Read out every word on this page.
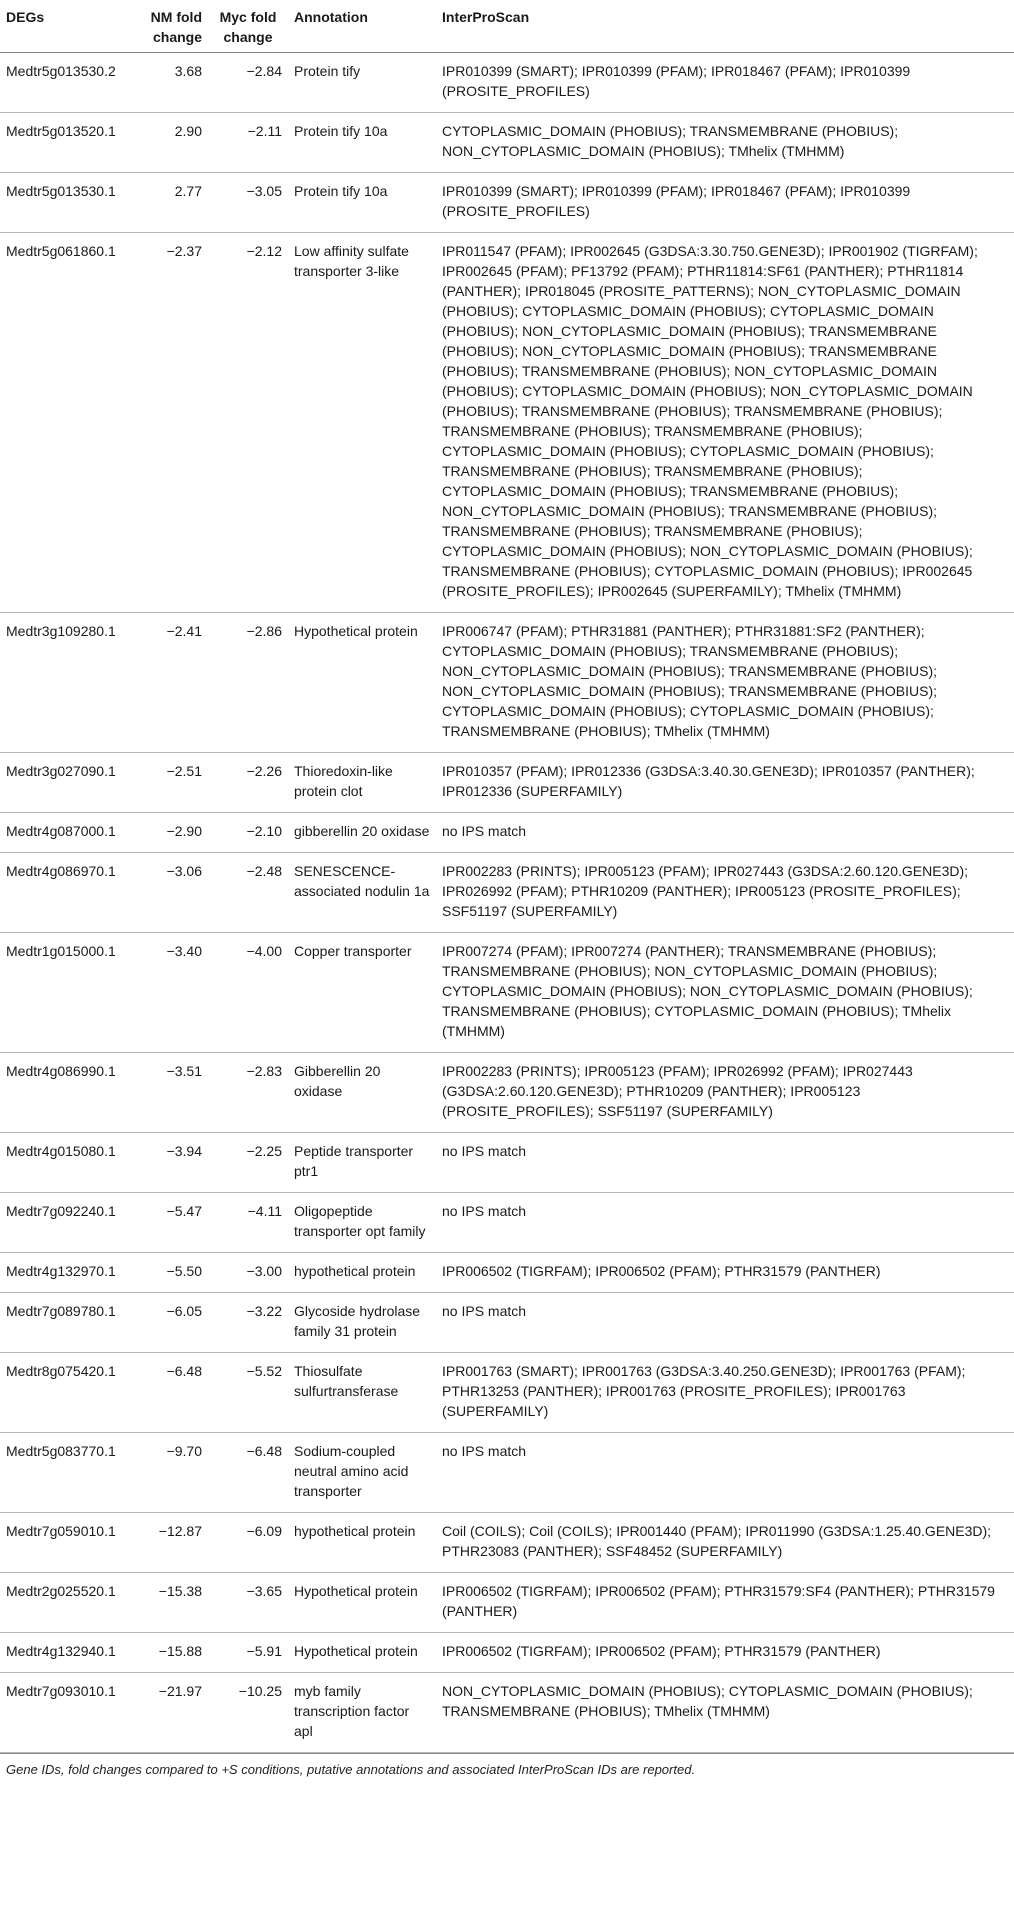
DEGs	NM fold change	Myc fold change	Annotation	InterProScan
Medtr5g013530.2	3.68	−2.84	Protein tify	IPR010399 (SMART); IPR010399 (PFAM); IPR018467 (PFAM); IPR010399 (PROSITE_PROFILES)
Medtr5g013520.1	2.90	−2.11	Protein tify 10a	CYTOPLASMIC_DOMAIN (PHOBIUS); TRANSMEMBRANE (PHOBIUS); NON_CYTOPLASMIC_DOMAIN (PHOBIUS); TMhelix (TMHMM)
Medtr5g013530.1	2.77	−3.05	Protein tify 10a	IPR010399 (SMART); IPR010399 (PFAM); IPR018467 (PFAM); IPR010399 (PROSITE_PROFILES)
Medtr5g061860.1	−2.37	−2.12	Low affinity sulfate transporter 3-like	IPR011547 (PFAM); IPR002645 (G3DSA:3.30.750.GENE3D); IPR001902 (TIGRFAM); IPR002645 (PFAM); PF13792 (PFAM); PTHR11814:SF61 (PANTHER); PTHR11814 (PANTHER); IPR018045 (PROSITE_PATTERNS); NON_CYTOPLASMIC_DOMAIN (PHOBIUS); CYTOPLASMIC_DOMAIN (PHOBIUS); CYTOPLASMIC_DOMAIN (PHOBIUS); NON_CYTOPLASMIC_DOMAIN (PHOBIUS); TRANSMEMBRANE (PHOBIUS); NON_CYTOPLASMIC_DOMAIN (PHOBIUS); TRANSMEMBRANE (PHOBIUS); TRANSMEMBRANE (PHOBIUS); NON_CYTOPLASMIC_DOMAIN (PHOBIUS); CYTOPLASMIC_DOMAIN (PHOBIUS); NON_CYTOPLASMIC_DOMAIN (PHOBIUS); TRANSMEMBRANE (PHOBIUS); TRANSMEMBRANE (PHOBIUS); TRANSMEMBRANE (PHOBIUS); TRANSMEMBRANE (PHOBIUS); CYTOPLASMIC_DOMAIN (PHOBIUS); CYTOPLASMIC_DOMAIN (PHOBIUS); TRANSMEMBRANE (PHOBIUS); TRANSMEMBRANE (PHOBIUS); CYTOPLASMIC_DOMAIN (PHOBIUS); TRANSMEMBRANE (PHOBIUS); NON_CYTOPLASMIC_DOMAIN (PHOBIUS); TRANSMEMBRANE (PHOBIUS); TRANSMEMBRANE (PHOBIUS); TRANSMEMBRANE (PHOBIUS); CYTOPLASMIC_DOMAIN (PHOBIUS); NON_CYTOPLASMIC_DOMAIN (PHOBIUS); TRANSMEMBRANE (PHOBIUS); CYTOPLASMIC_DOMAIN (PHOBIUS); IPR002645 (PROSITE_PROFILES); IPR002645 (SUPERFAMILY); TMhelix (TMHMM)
Medtr3g109280.1	−2.41	−2.86	Hypothetical protein	IPR006747 (PFAM); PTHR31881 (PANTHER); PTHR31881:SF2 (PANTHER); CYTOPLASMIC_DOMAIN (PHOBIUS); TRANSMEMBRANE (PHOBIUS); NON_CYTOPLASMIC_DOMAIN (PHOBIUS); TRANSMEMBRANE (PHOBIUS); NON_CYTOPLASMIC_DOMAIN (PHOBIUS); TRANSMEMBRANE (PHOBIUS); CYTOPLASMIC_DOMAIN (PHOBIUS); CYTOPLASMIC_DOMAIN (PHOBIUS); TRANSMEMBRANE (PHOBIUS); TMhelix (TMHMM)
Medtr3g027090.1	−2.51	−2.26	Thioredoxin-like protein clot	IPR010357 (PFAM); IPR012336 (G3DSA:3.40.30.GENE3D); IPR010357 (PANTHER); IPR012336 (SUPERFAMILY)
Medtr4g087000.1	−2.90	−2.10	gibberellin 20 oxidase	no IPS match
Medtr4g086970.1	−3.06	−2.48	SENESCENCE-associated nodulin 1a	IPR002283 (PRINTS); IPR005123 (PFAM); IPR027443 (G3DSA:2.60.120.GENE3D); IPR026992 (PFAM); PTHR10209 (PANTHER); IPR005123 (PROSITE_PROFILES); SSF51197 (SUPERFAMILY)
Medtr1g015000.1	−3.40	−4.00	Copper transporter	IPR007274 (PFAM); IPR007274 (PANTHER); TRANSMEMBRANE (PHOBIUS); TRANSMEMBRANE (PHOBIUS); NON_CYTOPLASMIC_DOMAIN (PHOBIUS); CYTOPLASMIC_DOMAIN (PHOBIUS); NON_CYTOPLASMIC_DOMAIN (PHOBIUS); TRANSMEMBRANE (PHOBIUS); CYTOPLASMIC_DOMAIN (PHOBIUS); TMhelix (TMHMM)
Medtr4g086990.1	−3.51	−2.83	Gibberellin 20 oxidase	IPR002283 (PRINTS); IPR005123 (PFAM); IPR026992 (PFAM); IPR027443 (G3DSA:2.60.120.GENE3D); PTHR10209 (PANTHER); IPR005123 (PROSITE_PROFILES); SSF51197 (SUPERFAMILY)
Medtr4g015080.1	−3.94	−2.25	Peptide transporter ptr1	no IPS match
Medtr7g092240.1	−5.47	−4.11	Oligopeptide transporter opt family	no IPS match
Medtr4g132970.1	−5.50	−3.00	hypothetical protein	IPR006502 (TIGRFAM); IPR006502 (PFAM); PTHR31579 (PANTHER)
Medtr7g089780.1	−6.05	−3.22	Glycoside hydrolase family 31 protein	no IPS match
Medtr8g075420.1	−6.48	−5.52	Thiosulfate sulfurtransferase	IPR001763 (SMART); IPR001763 (G3DSA:3.40.250.GENE3D); IPR001763 (PFAM); PTHR13253 (PANTHER); IPR001763 (PROSITE_PROFILES); IPR001763 (SUPERFAMILY)
Medtr5g083770.1	−9.70	−6.48	Sodium-coupled neutral amino acid transporter	no IPS match
Medtr7g059010.1	−12.87	−6.09	hypothetical protein	Coil (COILS); Coil (COILS); IPR001440 (PFAM); IPR011990 (G3DSA:1.25.40.GENE3D); PTHR23083 (PANTHER); SSF48452 (SUPERFAMILY)
Medtr2g025520.1	−15.38	−3.65	Hypothetical protein	IPR006502 (TIGRFAM); IPR006502 (PFAM); PTHR31579:SF4 (PANTHER); PTHR31579 (PANTHER)
Medtr4g132940.1	−15.88	−5.91	Hypothetical protein	IPR006502 (TIGRFAM); IPR006502 (PFAM); PTHR31579 (PANTHER)
Medtr7g093010.1	−21.97	−10.25	myb family transcription factor apl	NON_CYTOPLASMIC_DOMAIN (PHOBIUS); CYTOPLASMIC_DOMAIN (PHOBIUS); TRANSMEMBRANE (PHOBIUS); TMhelix (TMHMM)
Gene IDs, fold changes compared to +S conditions, putative annotations and associated InterProScan IDs are reported.
